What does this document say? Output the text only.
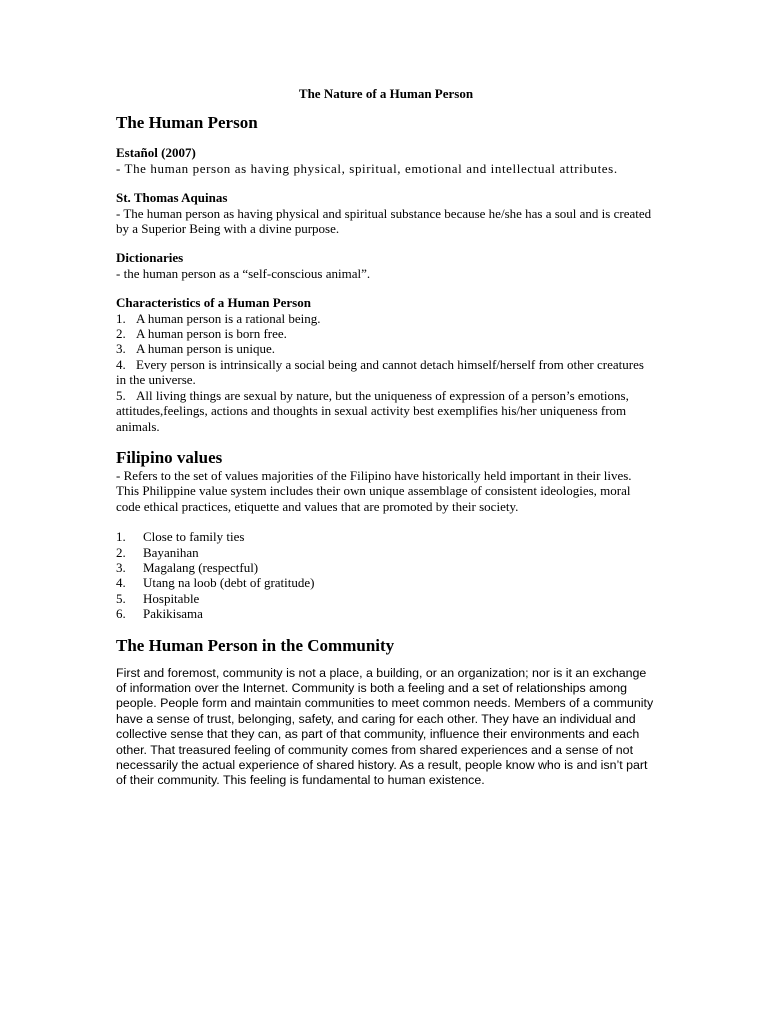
The Nature of a Human Person
The Human Person

Estañol (2007)

- The human person as having physical, spiritual, emotional and intellectual attributes.

St. Thomas Aquinas

- The human person as having physical and spiritual substance because he/she has a soul and is created by a Superior Being with a divine purpose.

Dictionaries

- the human person as a “self-conscious animal”.

Characteristics of a Human Person

1. A human person is a rational being.
2. A human person is born free.
3. A human person is unique.
4. Every person is intrinsically a social being and cannot detach himself/herself from other creatures in the universe.
5. All living things are sexual by nature, but the uniqueness of expression of a person’s emotions, attitudes,feelings, actions and thoughts in sexual activity best exemplifies his/her uniqueness from animals.
Filipino values

- Refers to the set of values majorities of the Filipino have historically held important in their lives. This Philippine value system includes their own unique assemblage of consistent ideologies, moral code ethical practices, etiquette and values that are promoted by their society.

1. Close to family ties
2. Bayanihan
3. Magalang (respectful)
4. Utang na loob (debt of gratitude)
5. Hospitable
6. Pakikisama
The Human Person in the Community

First and foremost, community is not a place, a building, or an organization; nor is it an exchange of information over the Internet. Community is both a feeling and a set of relationships among people. People form and maintain communities to meet common needs. Members of a community have a sense of trust, belonging, safety, and caring for each other. They have an individual and collective sense that they can, as part of that community, influence their environments and each other. That treasured feeling of community comes from shared experiences and a sense of not necessarily the actual experience of shared history. As a result, people know who is and isn’t part of their community. This feeling is fundamental to human existence.
